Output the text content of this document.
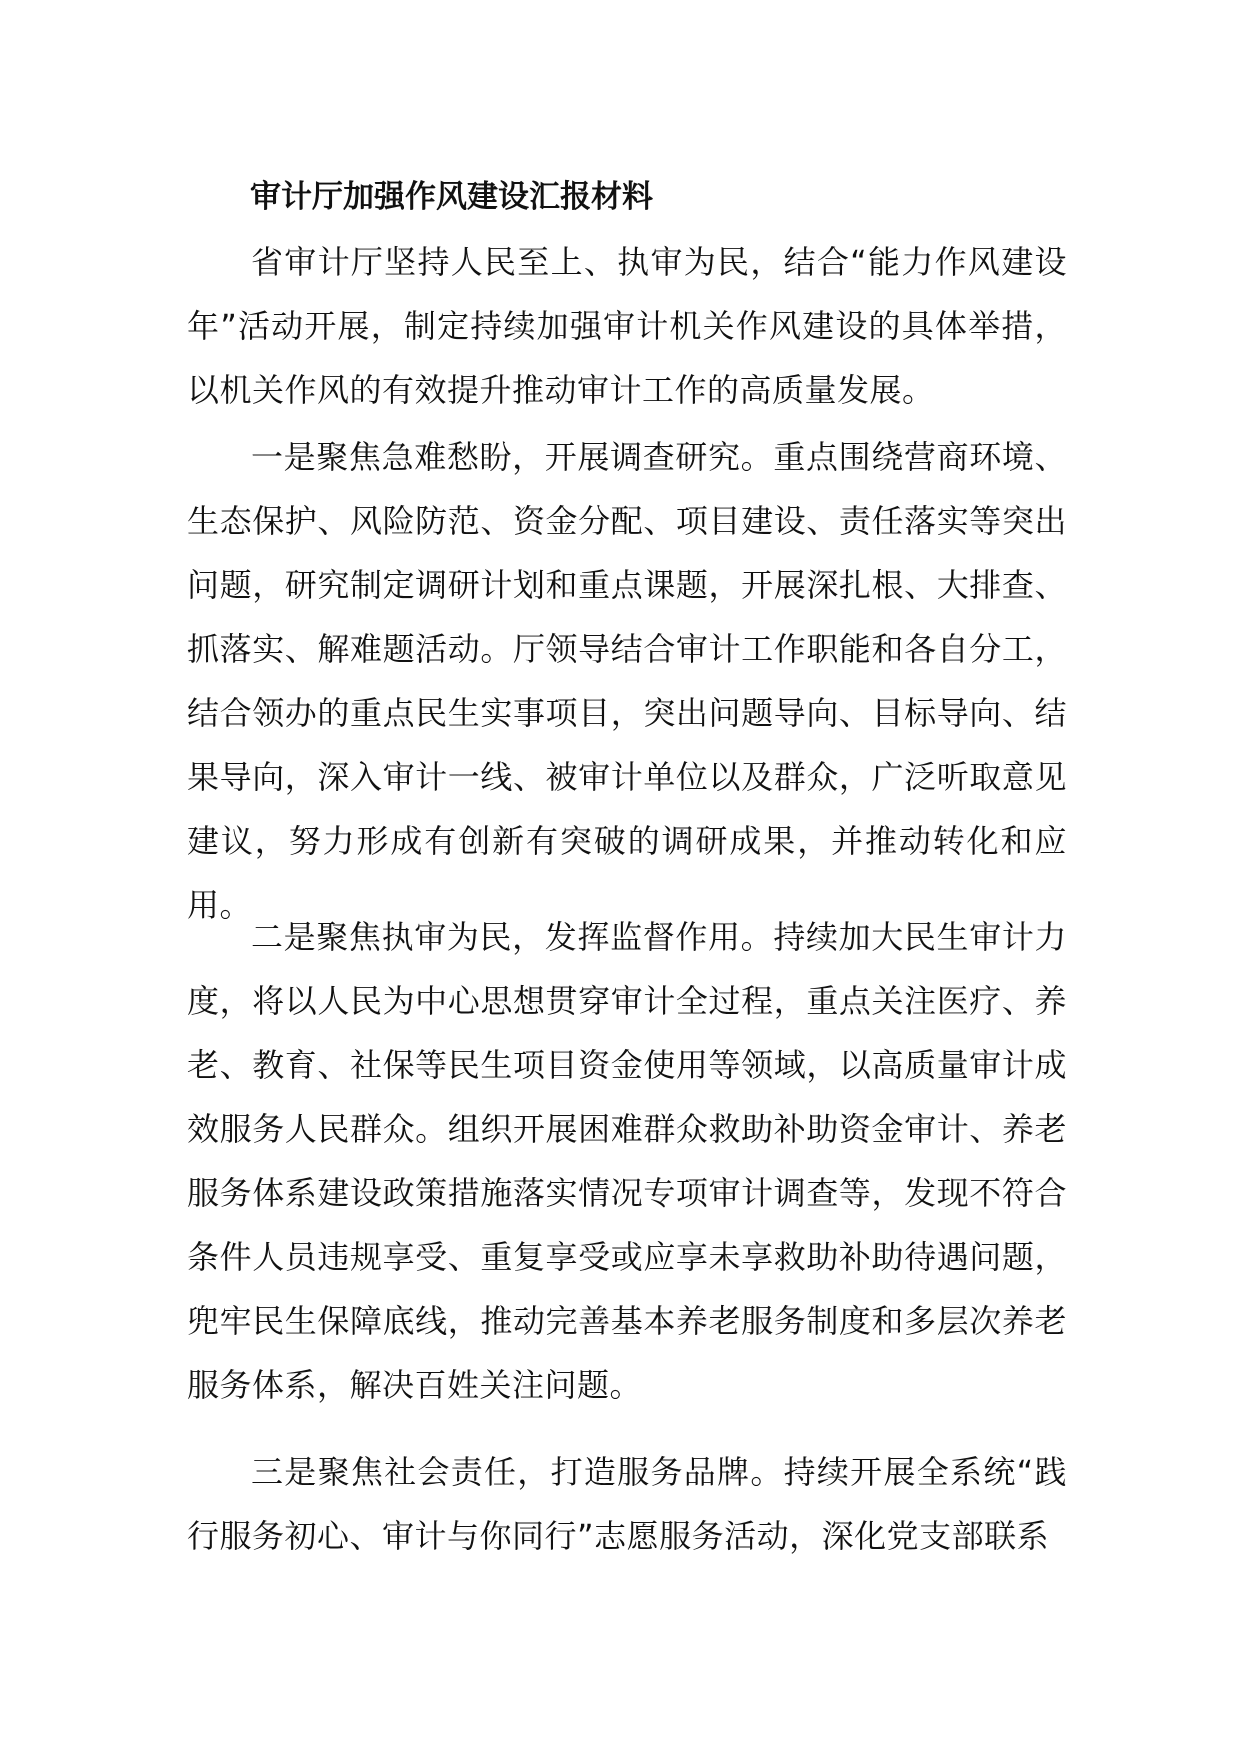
审计厅加强作风建设汇报材料

省审计厅坚持人民至上、执审为民，结合“能力作风建设年”活动开展，制定持续加强审计机关作风建设的具体举措，以机关作风的有效提升推动审计工作的高质量发展。

一是聚焦急难愁盼，开展调查研究。重点围绕营商环境、生态保护、风险防范、资金分配、项目建设、责任落实等突出问题，研究制定调研计划和重点课题，开展深扎根、大排查、抓落实、解难题活动。厅领导结合审计工作职能和各自分工，结合领办的重点民生实事项目，突出问题导向、目标导向、结果导向，深入审计一线、被审计单位以及群众，广泛听取意见建议，努力形成有创新有突破的调研成果，并推动转化和应用。

二是聚焦执审为民，发挥监督作用。持续加大民生审计力度，将以人民为中心思想贯穿审计全过程，重点关注医疗、养老、教育、社保等民生项目资金使用等领域，以高质量审计成效服务人民群众。组织开展困难群众救助补助资金审计、养老服务体系建设政策措施落实情况专项审计调查等，发现不符合条件人员违规享受、重复享受或应享未享救助补助待遇问题，兜牢民生保障底线，推动完善基本养老服务制度和多层次养老服务体系，解决百姓关注问题。

三是聚焦社会责任，打造服务品牌。持续开展全系统“践行服务初心、审计与你同行”志愿服务活动，深化党支部联系
